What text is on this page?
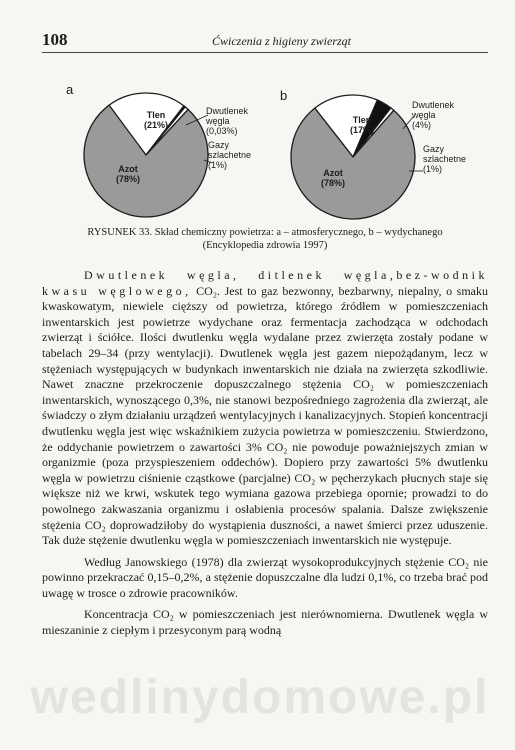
108	Ćwiczenia z higieny zwierząt
a	b
Tlen
(21%)
Dwutlenek
węgla
(0,03%)
Gazy
szlachetne
(1%)
Azot
(78%)
Tlen
(17%)
Dwutlenek
węgla
(4%)
Gazy
szlachetne
(1%)
Azot
(78%)
RYSUNEK 33. Skład chemiczny powietrza: a – atmosferycznego, b – wydychanego
(Encyklopedia zdrowia 1997)

Dwutlenek węgla, ditlenek węgla,bez-wodnik kwasu węglowego, CO₂. Jest to gaz bezwonny, bezbarwny, niepalny, o smaku kwaskowatym, niewiele cięższy od powietrza, którego źródłem w pomieszczeniach inwentarskich jest powietrze wydychane oraz fermentacja zachodząca w odchodach zwierząt i ściółce. Ilości dwutlenku węgla wydalane przez zwierzęta zostały podane w tabelach 29–34 (przy wentylacji). Dwutlenek węgla jest gazem niepożądanym, lecz w stężeniach występujących w budynkach inwentarskich nie działa na zwierzęta szkodliwie. Nawet znaczne przekroczenie dopuszczalnego stężenia CO₂ w pomieszczeniach inwentarskich, wynoszącego 0,3%, nie stanowi bezpośredniego zagrożenia dla zwierząt, ale świadczy o złym działaniu urządzeń wentylacyjnych i kanalizacyjnych. Stopień koncentracji dwutlenku węgla jest więc wskaźnikiem zużycia powietrza w pomieszczeniu. Stwierdzono, że oddychanie powietrzem o zawartości 3% CO₂ nie powoduje poważniejszych zmian w organizmie (poza przyspieszeniem oddechów). Dopiero przy zawartości 5% dwutlenku węgla w powietrzu ciśnienie cząstkowe (parcjalne) CO₂ w pęcherzykach płucnych staje się większe niż we krwi, wskutek tego wymiana gazowa przebiega opornie; prowadzi to do powolnego zakwaszania organizmu i osłabienia procesów spalania. Dalsze zwiększenie stężenia CO₂ doprowadziłoby do wystąpienia duszności, a nawet śmierci przez uduszenie. Tak duże stężenie dwutlenku węgla w pomieszczeniach inwentarskich nie występuje.

Według Janowskiego (1978) dla zwierząt wysokoprodukcyjnych stężenie CO₂ nie powinno przekraczać 0,15–0,2%, a stężenie dopuszczalne dla ludzi 0,1%, co trzeba brać pod uwagę w trosce o zdrowie pracowników.

Koncentracja CO₂ w pomieszczeniach jest nierównomierna. Dwutlenek węgla w mieszaninie z ciepłym i przesyconym parą wodną

wedlinydomowe.pl
